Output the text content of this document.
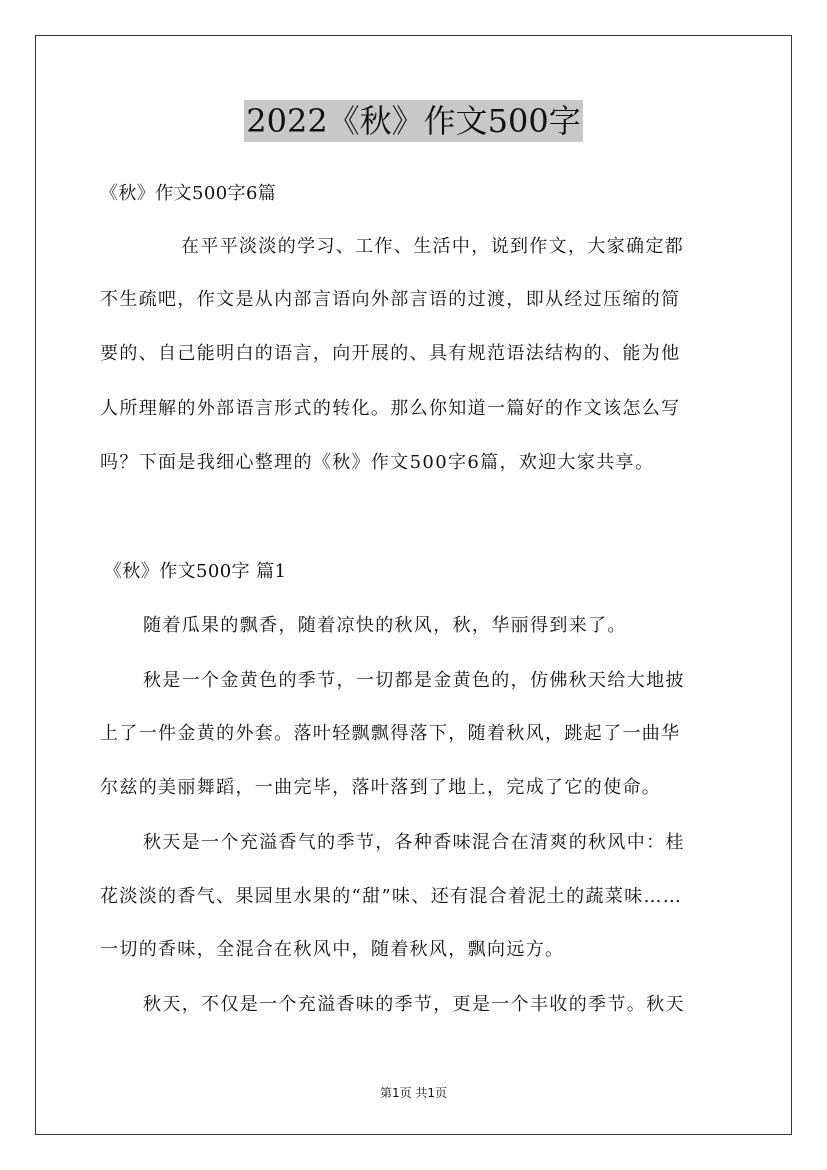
2022《秋》作文500字
《秋》作文500字6篇
在平平淡淡的学习、工作、生活中，说到作文，大家确定都
不生疏吧，作文是从内部言语向外部言语的过渡，即从经过压缩的简
要的、自己能明白的语言，向开展的、具有规范语法结构的、能为他
人所理解的外部语言形式的转化。那么你知道一篇好的作文该怎么写
吗？下面是我细心整理的《秋》作文500字6篇，欢迎大家共享。
《秋》作文500字 篇1
随着瓜果的飘香，随着凉快的秋风，秋，华丽得到来了。
秋是一个金黄色的季节，一切都是金黄色的，仿佛秋天给大地披
上了一件金黄的外套。落叶轻飘飘得落下，随着秋风，跳起了一曲华
尔兹的美丽舞蹈，一曲完毕，落叶落到了地上，完成了它的使命。
秋天是一个充溢香气的季节，各种香味混合在清爽的秋风中：桂
花淡淡的香气、果园里水果的“甜”味、还有混合着泥土的蔬菜味……
一切的香味，全混合在秋风中，随着秋风，飘向远方。
秋天，不仅是一个充溢香味的季节，更是一个丰收的季节。秋天
第1页 共1页
